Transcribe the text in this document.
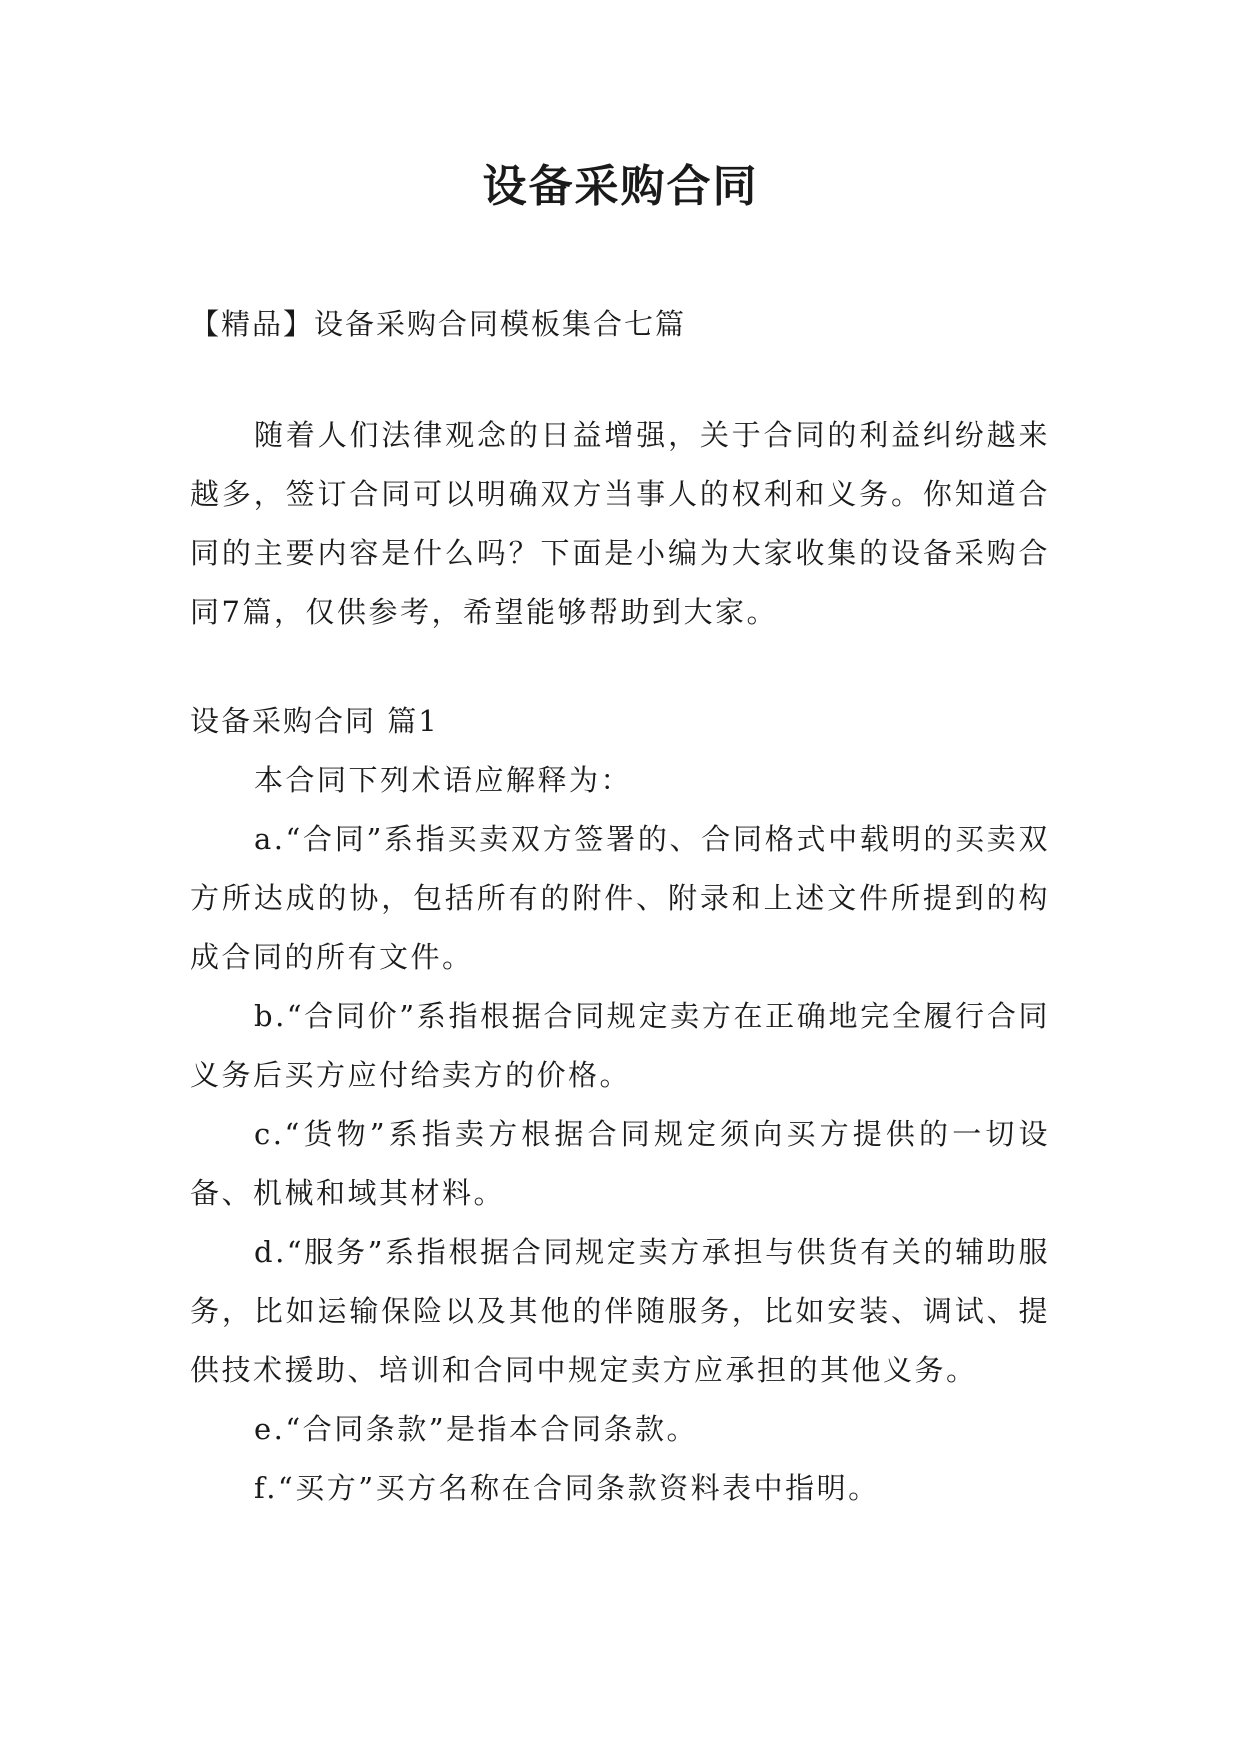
设备采购合同

【精品】设备采购合同模板集合七篇

随着人们法律观念的日益增强，关于合同的利益纠纷越来越多，签订合同可以明确双方当事人的权利和义务。你知道合同的主要内容是什么吗？下面是小编为大家收集的设备采购合同7篇，仅供参考，希望能够帮助到大家。

设备采购合同 篇1

本合同下列术语应解释为：

a.“合同”系指买卖双方签署的、合同格式中载明的买卖双方所达成的协，包括所有的附件、附录和上述文件所提到的构成合同的所有文件。

b.“合同价”系指根据合同规定卖方在正确地完全履行合同义务后买方应付给卖方的价格。

c.“货物”系指卖方根据合同规定须向买方提供的一切设备、机械和域其材料。

d.“服务”系指根据合同规定卖方承担与供货有关的辅助服务，比如运输保险以及其他的伴随服务，比如安装、调试、提供技术援助、培训和合同中规定卖方应承担的其他义务。

e.“合同条款”是指本合同条款。

f.“买方”买方名称在合同条款资料表中指明。
